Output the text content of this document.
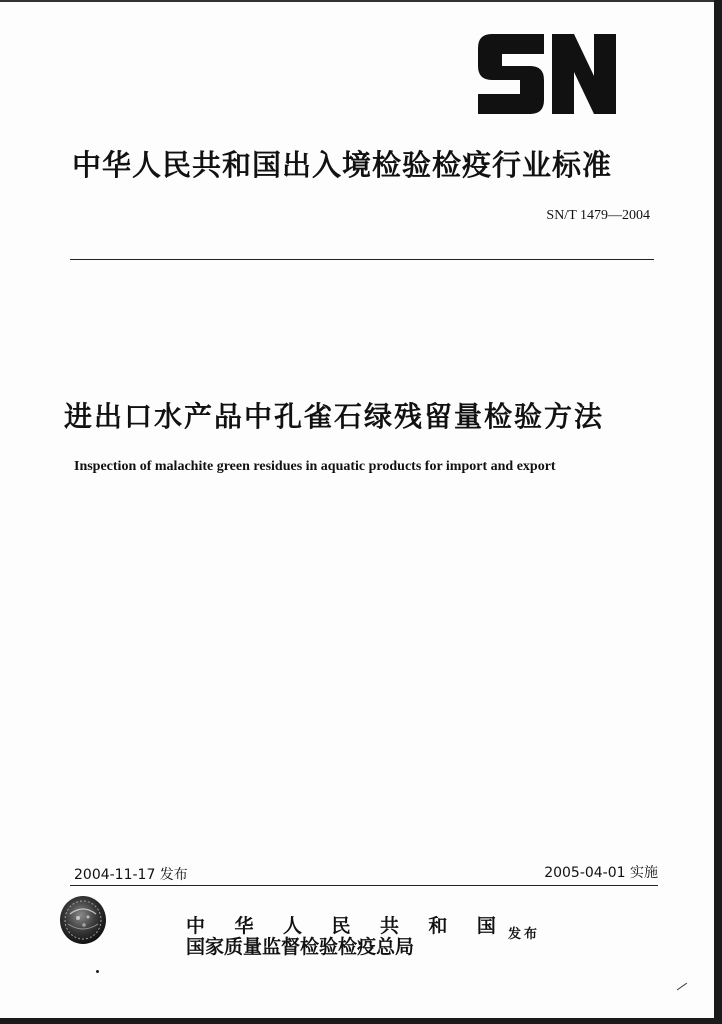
中华人民共和国出入境检验检疫行业标准
SN/T 1479—2004
进出口水产品中孔雀石绿残留量检验方法
Inspection of malachite green residues in aquatic products for import and export
2004-11-17 发布	2005-04-01 实施
中 华 人 民 共 和 国
国家质量监督检验检疫总局
发布
